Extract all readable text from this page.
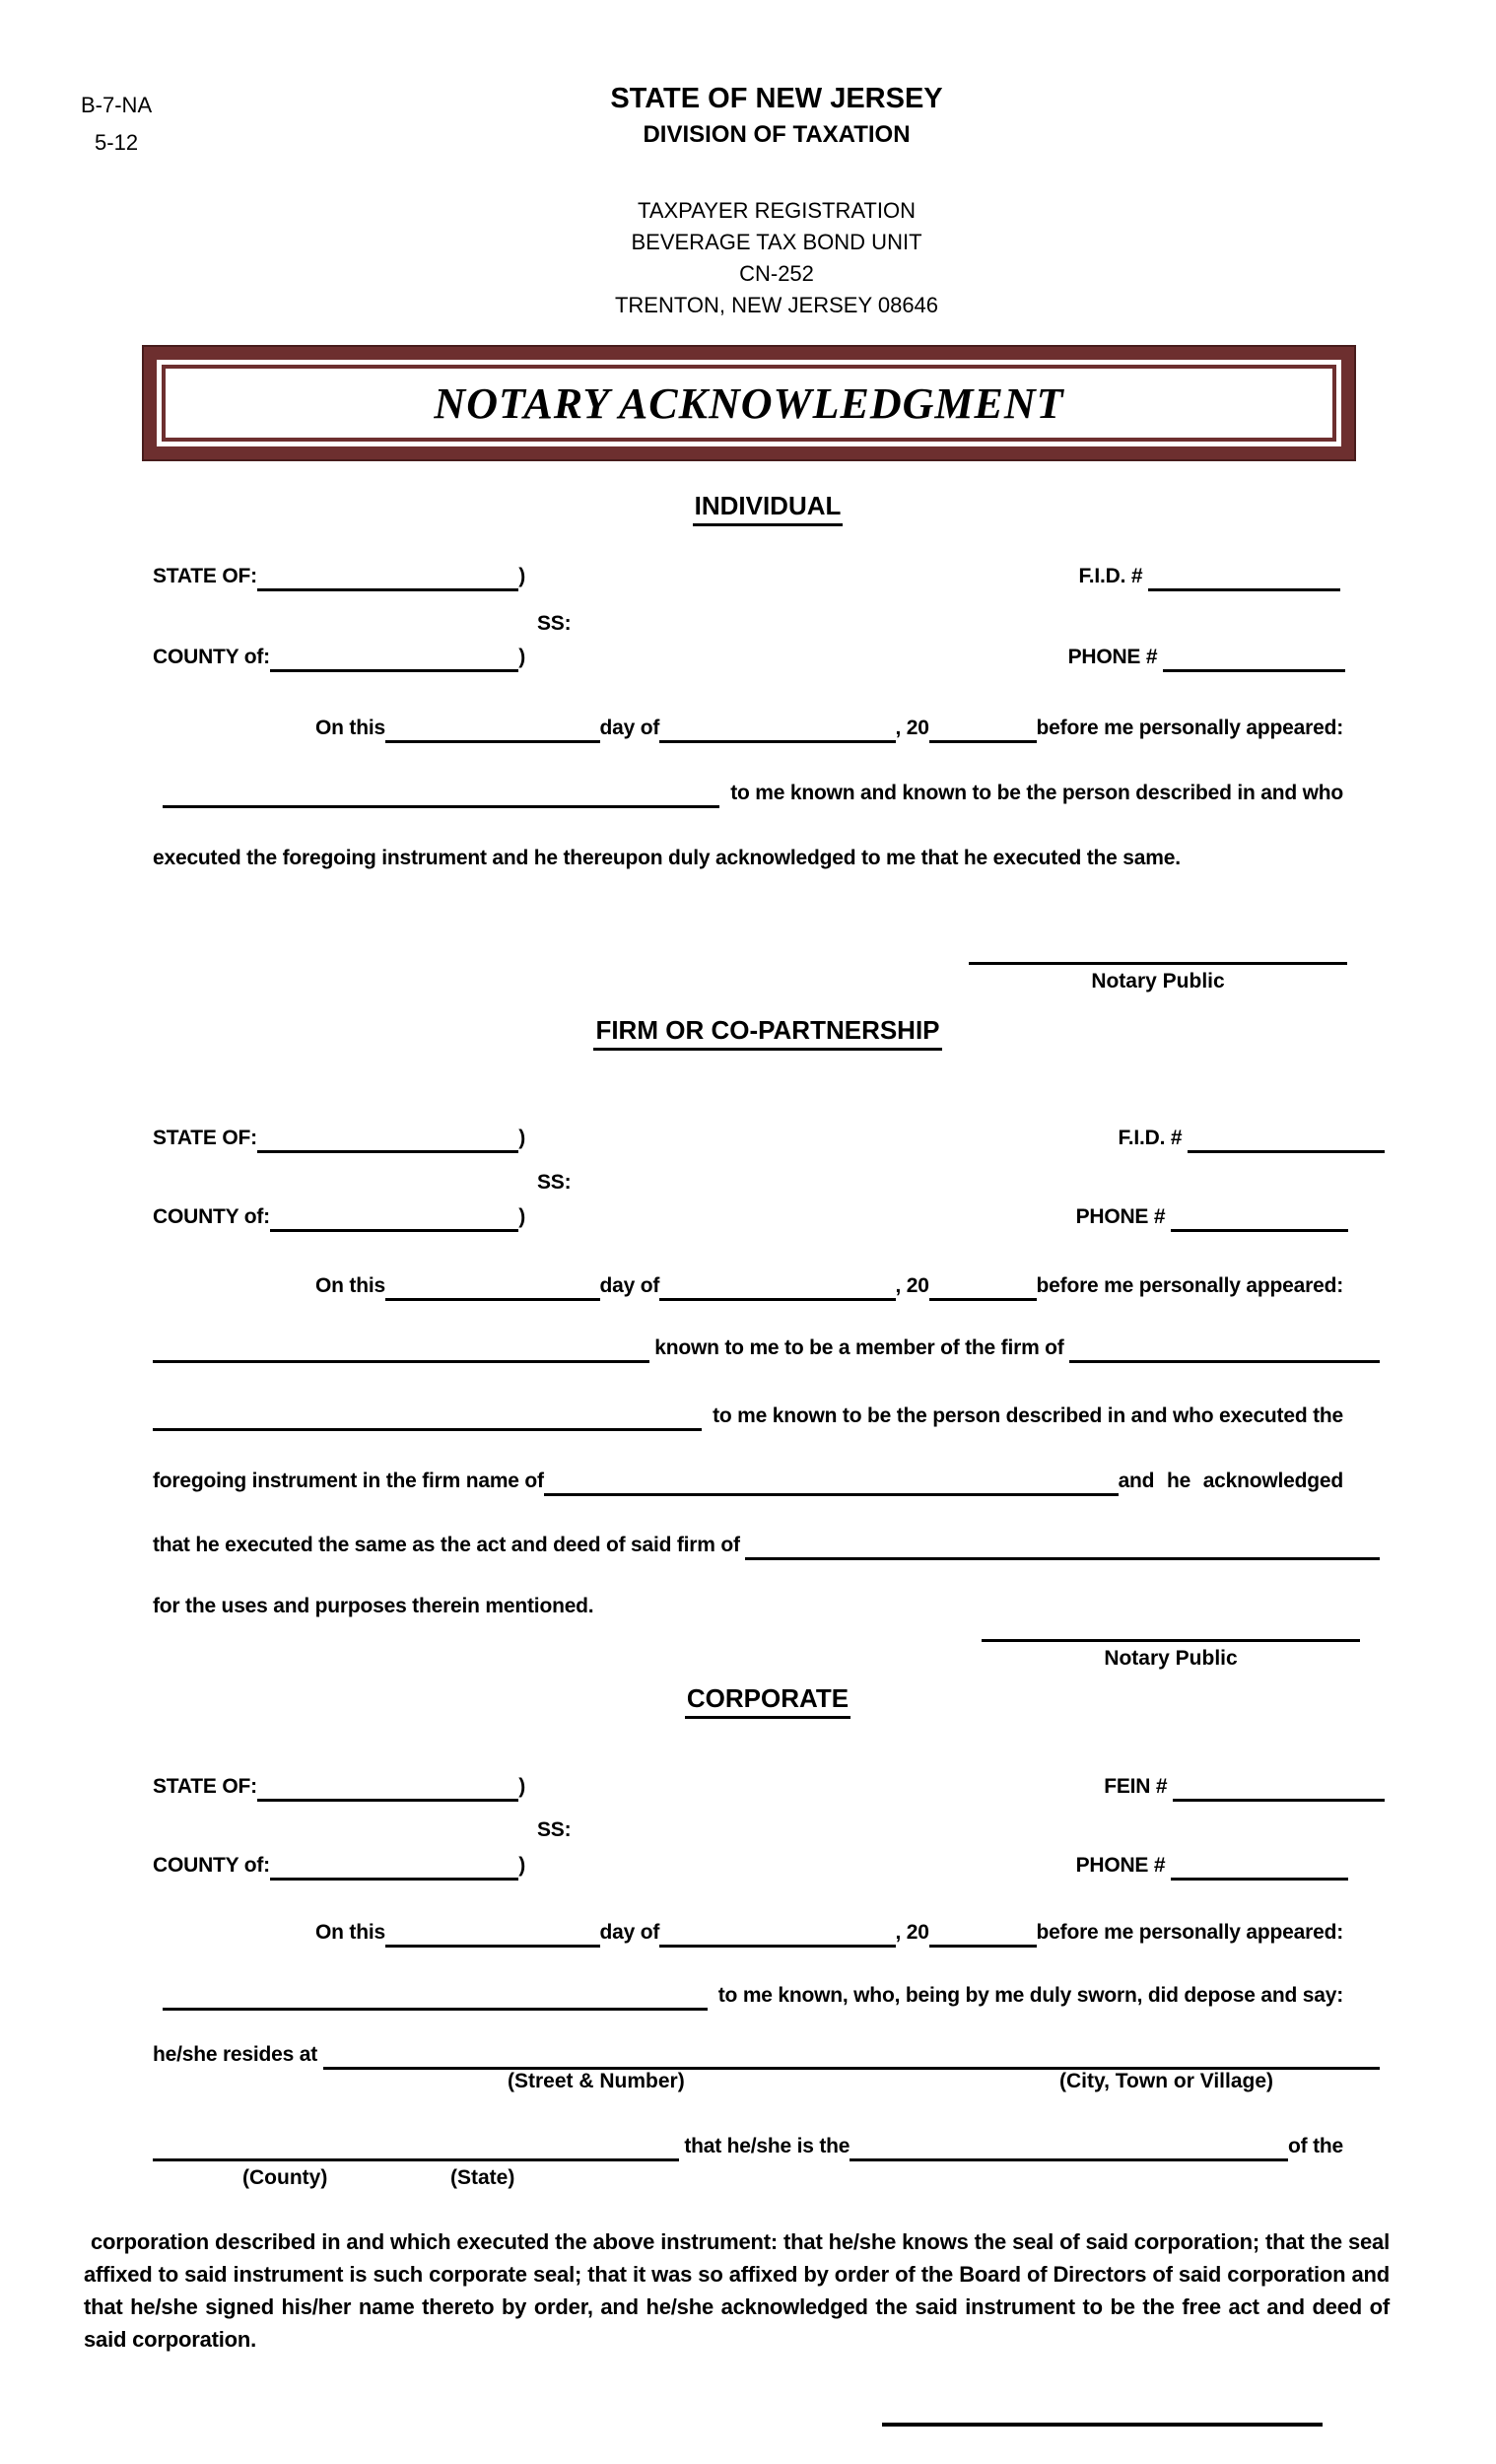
B-7-NA
5-12
STATE OF NEW JERSEY
DIVISION OF TAXATION
TAXPAYER REGISTRATION
BEVERAGE TAX BOND UNIT
CN-252
TRENTON, NEW JERSEY 08646
NOTARY ACKNOWLEDGMENT
INDIVIDUAL
STATE OF:	)	F.I.D. #
SS:
COUNTY of:	)	PHONE #
On this	day of	, 20	before me personally appeared:
to me known and known to be the person described in and who
executed the foregoing instrument and he thereupon duly acknowledged to me that he executed the same.
Notary Public
FIRM OR CO-PARTNERSHIP
STATE OF:	)	F.I.D. #
SS:
COUNTY of:	)	PHONE #
On this	day of	, 20	before me personally appeared:
known to me to be a member of the firm of
to me known to be the person described in and who executed the
foregoing instrument in the firm name of	and he acknowledged
that he executed the same as the act and deed of said firm of
for the uses and purposes therein mentioned.
Notary Public
CORPORATE
STATE OF:	)	FEIN #
SS:
COUNTY of:	)	PHONE #
On this	day of	, 20	before me personally appeared:
to me known, who, being by me duly sworn, did depose and say:
he/she resides at
(Street & Number)	(City, Town or Village)
that he/she is the	of the
(County)	(State)
corporation described in and which executed the above instrument: that he/she knows the seal of said corporation; that the seal affixed to said instrument is such corporate seal; that it was so affixed by order of the Board of Directors of said corporation and that he/she signed his/her name thereto by order, and he/she acknowledged the said instrument to be the free act and deed of said corporation.
